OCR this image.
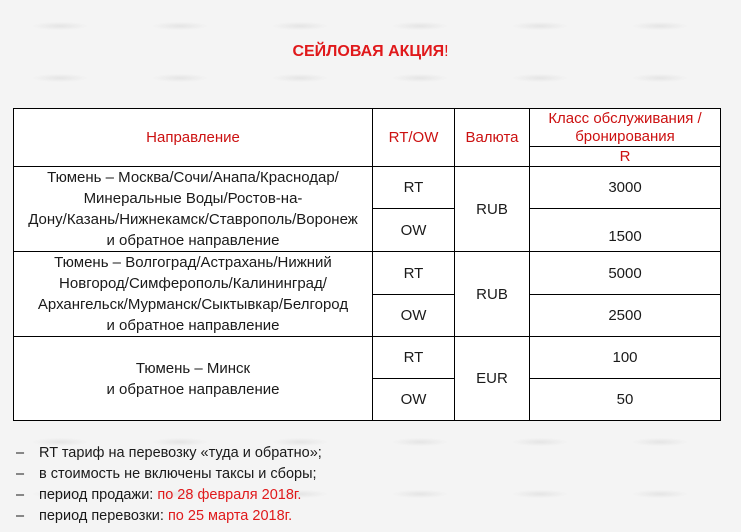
СЕЙЛОВАЯ АКЦИЯ!
Направление	RT/OW	Валюта	Класс обслуживания / бронирования
			R

Тюмень – Москва/Сочи/Анапа/Краснодар/
Минеральные Воды/Ростов-на-
Дону/Казань/Нижнекамск/Ставрополь/Воронеж
и обратное направление	RT	RUB	3000
	OW		1500

Тюмень – Волгоград/Астрахань/Нижний
Новгород/Симферополь/Калининград/
Архангельск/Мурманск/Сыктывкар/Белгород
и обратное направление	RT	RUB	5000
	OW		2500

Тюмень – Минск
и обратное направление	RT	EUR	100
	OW		50
– RT тариф на перевозку «туда и обратно»;
– в стоимость не включены таксы и сборы;
– период продажи: по 28 февраля 2018г.
– период перевозки: по 25 марта 2018г.
